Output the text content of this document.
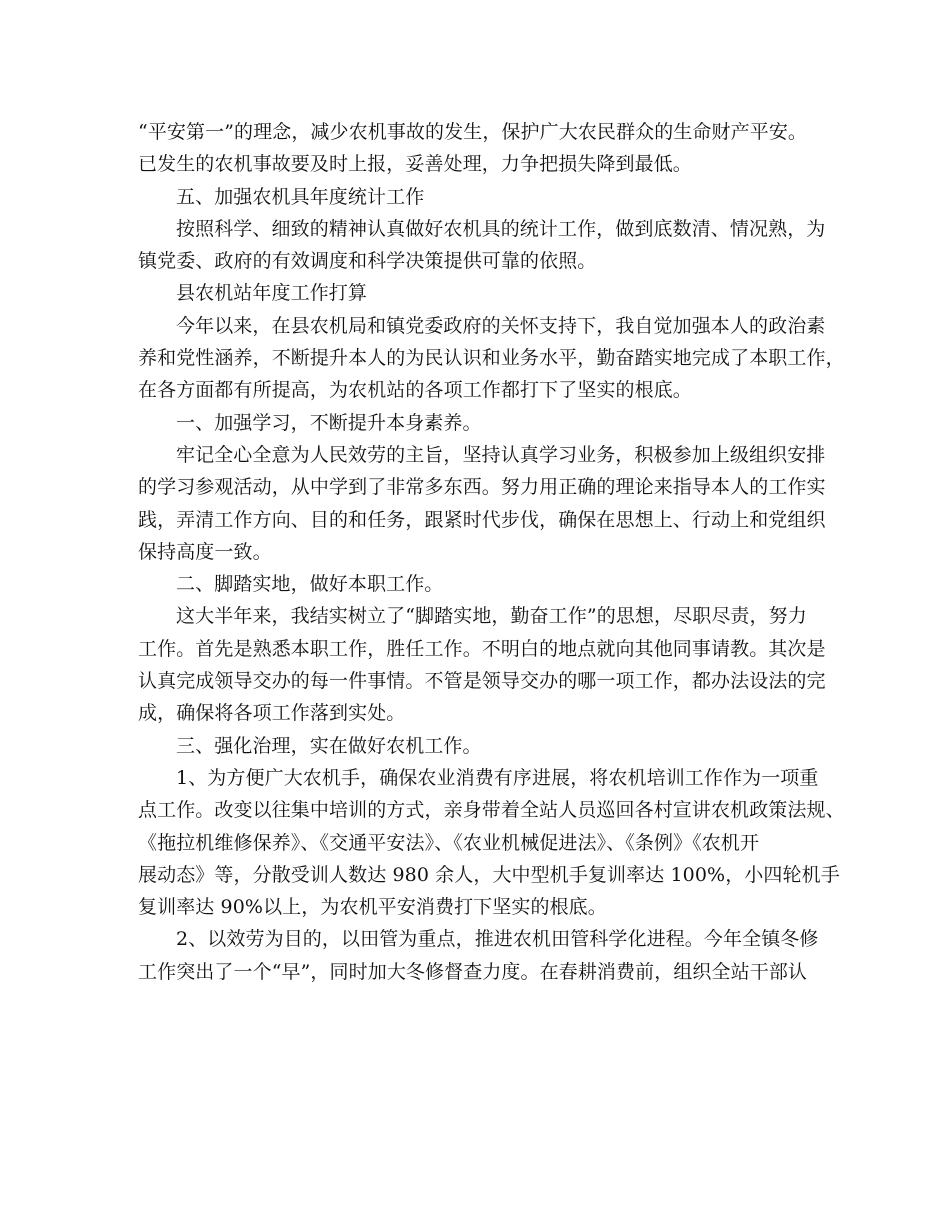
“平安第一”的理念，减少农机事故的发生，保护广大农民群众的生命财产平安。
已发生的农机事故要及时上报，妥善处理，力争把损失降到最低。
五、加强农机具年度统计工作
按照科学、细致的精神认真做好农机具的统计工作，做到底数清、情况熟，为
镇党委、政府的有效调度和科学决策提供可靠的依照。
县农机站年度工作打算
今年以来，在县农机局和镇党委政府的关怀支持下，我自觉加强本人的政治素
养和党性涵养，不断提升本人的为民认识和业务水平，勤奋踏实地完成了本职工作，
在各方面都有所提高，为农机站的各项工作都打下了坚实的根底。
一、加强学习，不断提升本身素养。
牢记全心全意为人民效劳的主旨，坚持认真学习业务，积极参加上级组织安排
的学习参观活动，从中学到了非常多东西。努力用正确的理论来指导本人的工作实
践，弄清工作方向、目的和任务，跟紧时代步伐，确保在思想上、行动上和党组织
保持高度一致。
二、脚踏实地，做好本职工作。
这大半年来，我结实树立了“脚踏实地，勤奋工作”的思想，尽职尽责，努力
工作。首先是熟悉本职工作，胜任工作。不明白的地点就向其他同事请教。其次是
认真完成领导交办的每一件事情。不管是领导交办的哪一项工作，都办法设法的完
成，确保将各项工作落到实处。
三、强化治理，实在做好农机工作。
1、为方便广大农机手，确保农业消费有序进展，将农机培训工作作为一项重
点工作。改变以往集中培训的方式，亲身带着全站人员巡回各村宣讲农机政策法规、
《拖拉机维修保养》、《交通平安法》、《农业机械促进法》、《条例》《农机开
展动态》等，分散受训人数达 980 余人，大中型机手复训率达 100%，小四轮机手
复训率达 90%以上，为农机平安消费打下坚实的根底。
2、以效劳为目的，以田管为重点，推进农机田管科学化进程。今年全镇冬修
工作突出了一个“早”，同时加大冬修督查力度。在春耕消费前，组织全站干部认
